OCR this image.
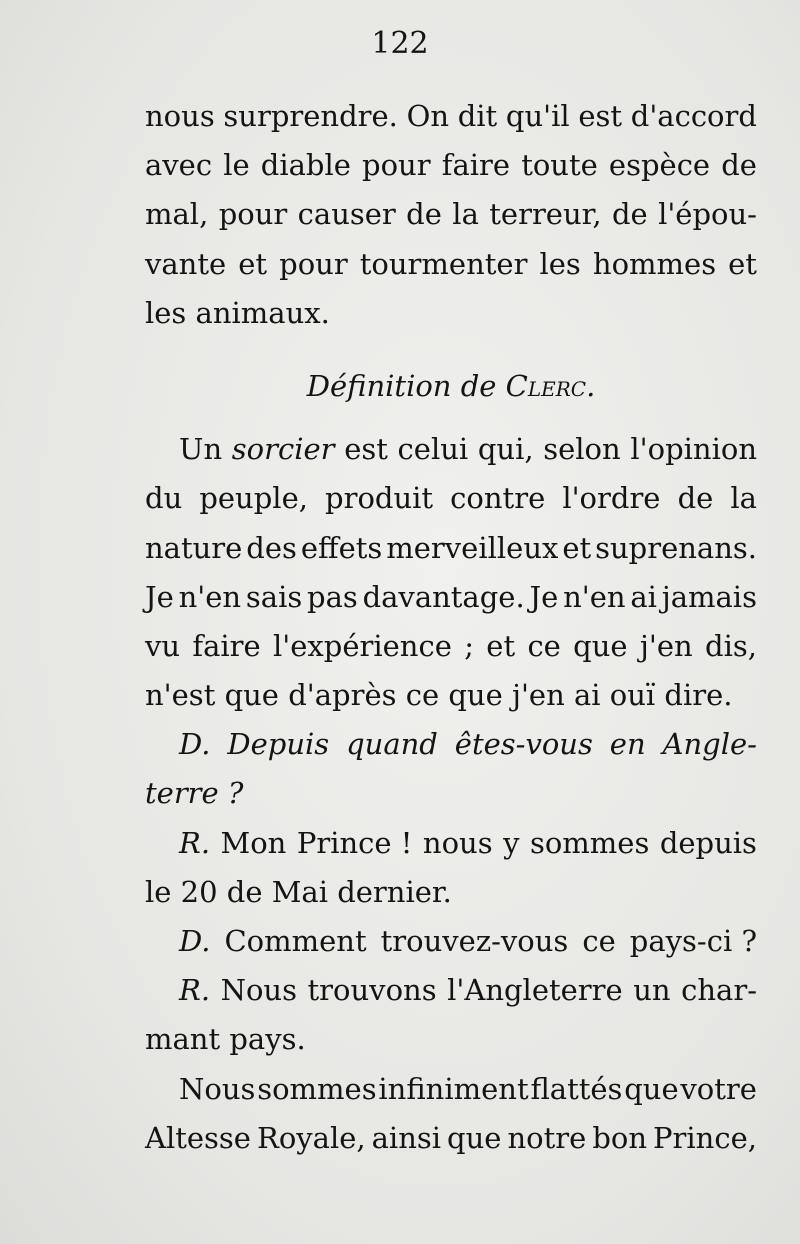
122
nous surprendre. On dit qu'il est d'accord
avec le diable pour faire toute espèce de
mal, pour causer de la terreur, de l'épou-
vante et pour tourmenter les hommes et
les animaux.
Définition de Clerc.
Un sorcier est celui qui, selon l'opinion
du peuple, produit contre l'ordre de la
nature des effets merveilleux et suprenans.
Je n'en sais pas davantage. Je n'en ai jamais
vu faire l'expérience ; et ce que j'en dis,
n'est que d'après ce que j'en ai ouï dire.
D. Depuis quand êtes-vous en Angle-
terre ?
R. Mon Prince ! nous y sommes depuis
le 20 de Mai dernier.
D. Comment trouvez-vous ce pays-ci ?
R. Nous trouvons l'Angleterre un char-
mant pays.
Nous sommes infiniment flattés que votre
Altesse Royale, ainsi que notre bon Prince,
